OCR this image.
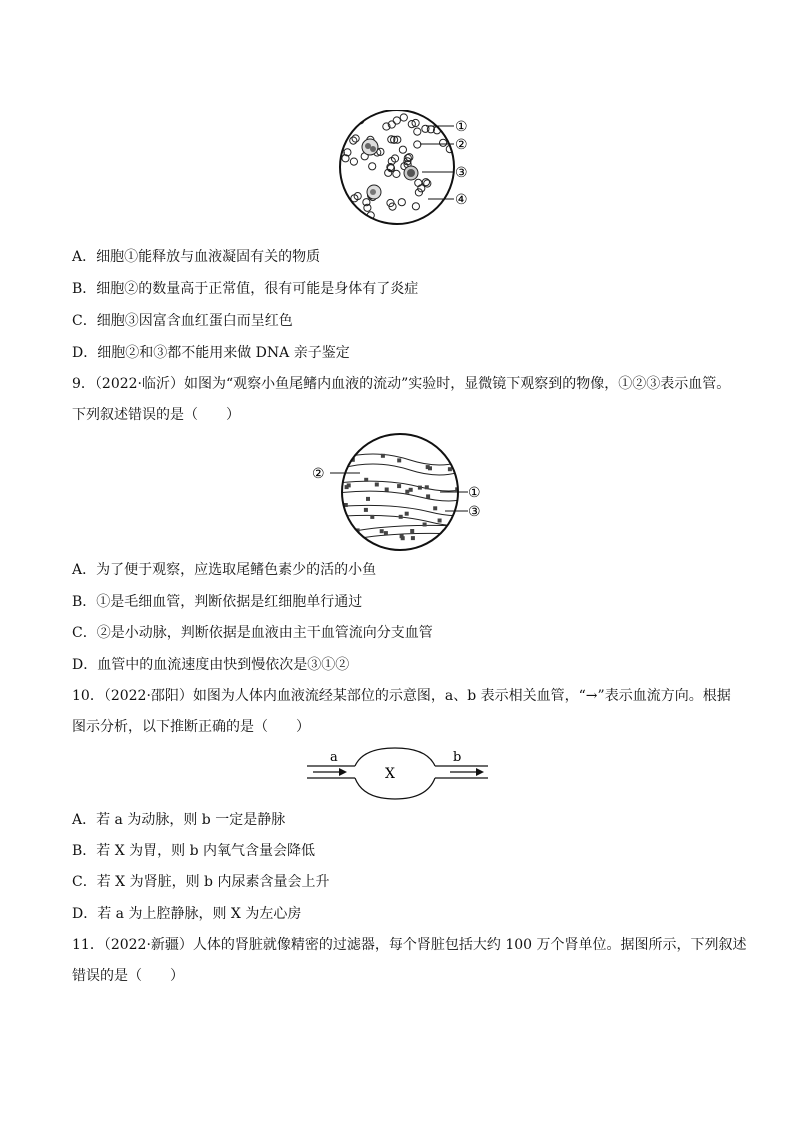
①
②
③
④
A．细胞①能释放与血液凝固有关的物质
B．细胞②的数量高于正常值，很有可能是身体有了炎症
C．细胞③因富含血红蛋白而呈红色
D．细胞②和③都不能用来做 DNA 亲子鉴定
9．（2022·临沂）如图为“观察小鱼尾鳍内血液的流动”实验时，显微镜下观察到的物像，①②③表示血管。
下列叙述错误的是（　　）
②
①
③
A．为了便于观察，应选取尾鳍色素少的活的小鱼
B．①是毛细血管，判断依据是红细胞单行通过
C．②是小动脉，判断依据是血液由主干血管流向分支血管
D．血管中的血流速度由快到慢依次是③①②
10．（2022·邵阳）如图为人体内血液流经某部位的示意图，a、b 表示相关血管，“→”表示血流方向。根据
图示分析，以下推断正确的是（　　）
a
X
b
A．若 a 为动脉，则 b 一定是静脉
B．若 X 为胃，则 b 内氧气含量会降低
C．若 X 为肾脏，则 b 内尿素含量会上升
D．若 a 为上腔静脉，则 X 为左心房
11．（2022·新疆）人体的肾脏就像精密的过滤器，每个肾脏包括大约 100 万个肾单位。据图所示，下列叙述
错误的是（　　）
